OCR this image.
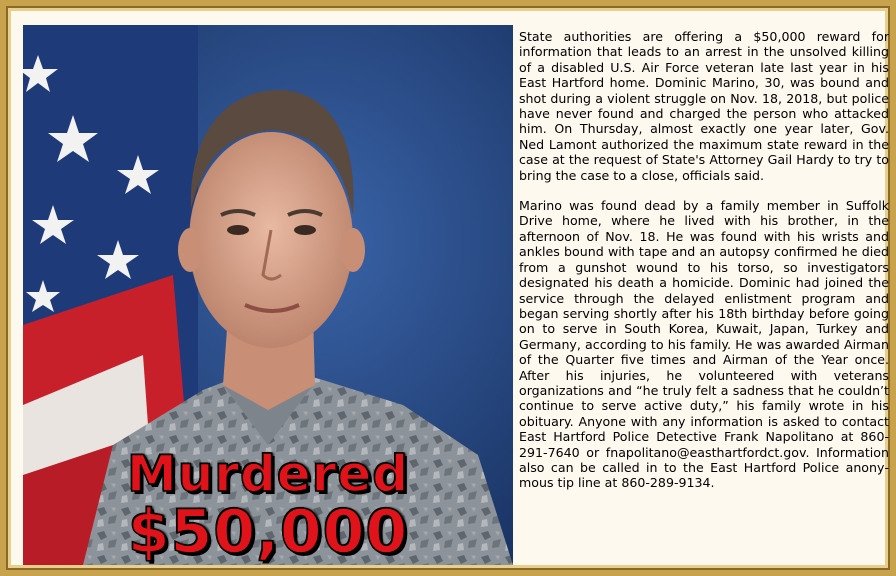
Murdered
$50,000

State authorities are offering a $50,000 reward for information that leads to an arrest in the unsolved killing of a disabled U.S. Air Force veteran late last year in his East Hartford home. Dominic Marino, 30, was bound and shot during a violent struggle on Nov. 18, 2018, but police have never found and charged the person who attacked him. On Thursday, almost exactly one year later, Gov. Ned Lamont authorized the maximum state reward in the case at the request of State's Attorney Gail Hardy to try to bring the case to a close, officials said.

Marino was found dead by a family member in Suffolk Drive home, where he lived with his brother, in the afternoon of Nov. 18. He was found with his wrists and ankles bound with tape and an autopsy confirmed he died from a gunshot wound to his torso, so investigators designated his death a homicide. Dominic had joined the service through the delayed enlistment program and began serving shortly after his 18th birthday before going on to serve in South Korea, Kuwait, Japan, Turkey and Germany, according to his family. He was awarded Airman of the Quarter five times and Airman of the Year once. After his injuries, he volunteered with veterans organizations and “he truly felt a sadness that he couldn’t continue to serve active duty,” his family wrote in his obituary. Anyone with any information is asked to contact East Hartford Police Detective Frank Napolitano at 860-291-7640 or fnapolitano@easthartfordct.gov. Information also can be called in to the East Hartford Police anonymous tip line at 860-289-9134.
